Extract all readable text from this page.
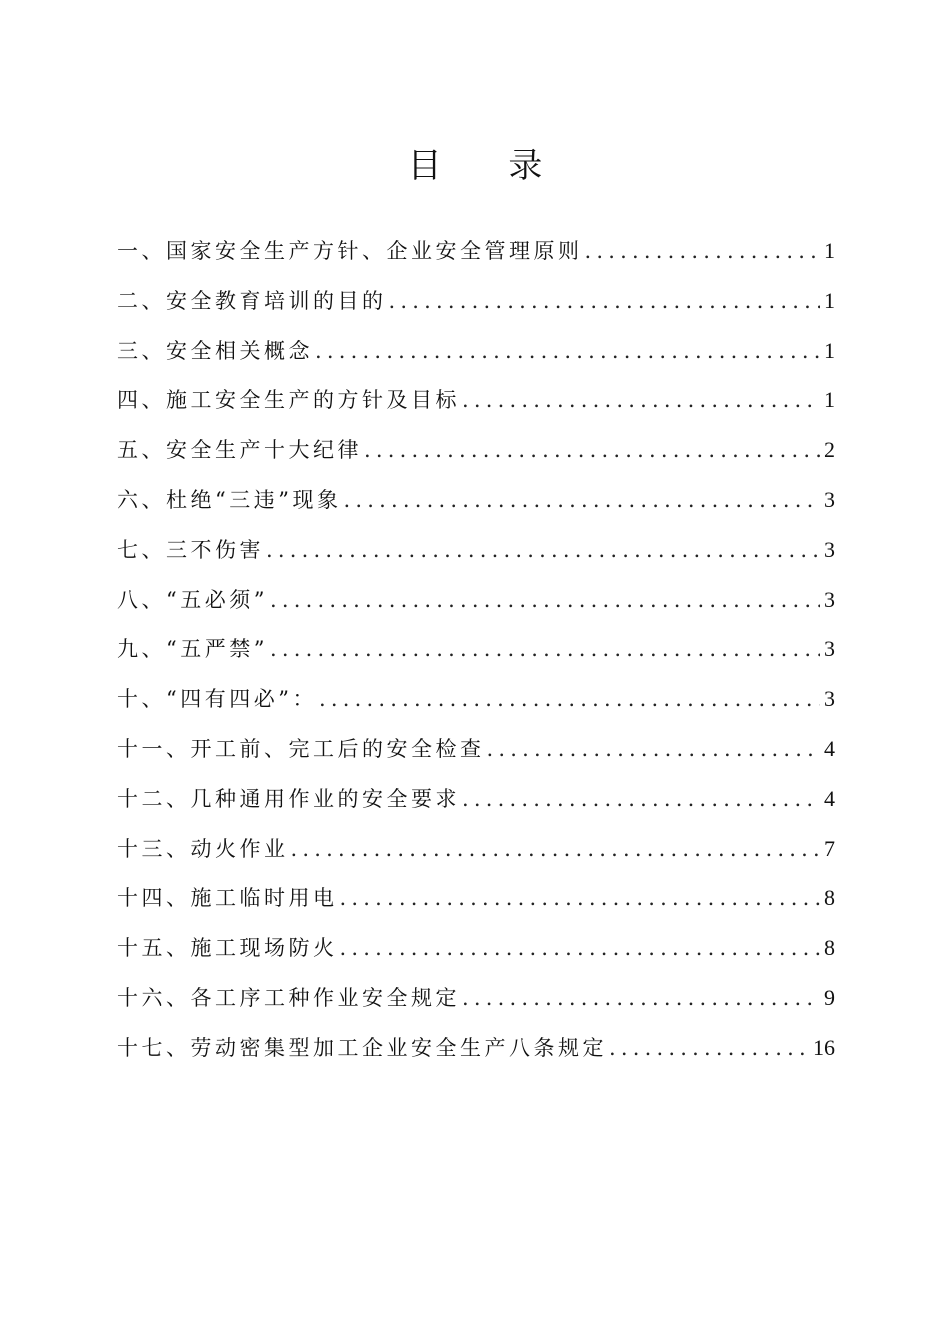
目 录
一、国家安全生产方针、企业安全管理原则 .....	1
二、安全教育培训的目的 .....	1
三、安全相关概念 .....	1
四、施工安全生产的方针及目标 .....	1
五、安全生产十大纪律 .....	2
六、杜绝“三违”现象 .....	3
七、三不伤害 .....	3
八、“五必须” .....	3
九、“五严禁” .....	3
十、“四有四必”： .....	3
十一、开工前、完工后的安全检查 .....	4
十二、几种通用作业的安全要求 .....	4
十三、动火作业 .....	7
十四、施工临时用电 .....	8
十五、施工现场防火 .....	8
十六、各工序工种作业安全规定 .....	9
十七、劳动密集型加工企业安全生产八条规定 .....	16
